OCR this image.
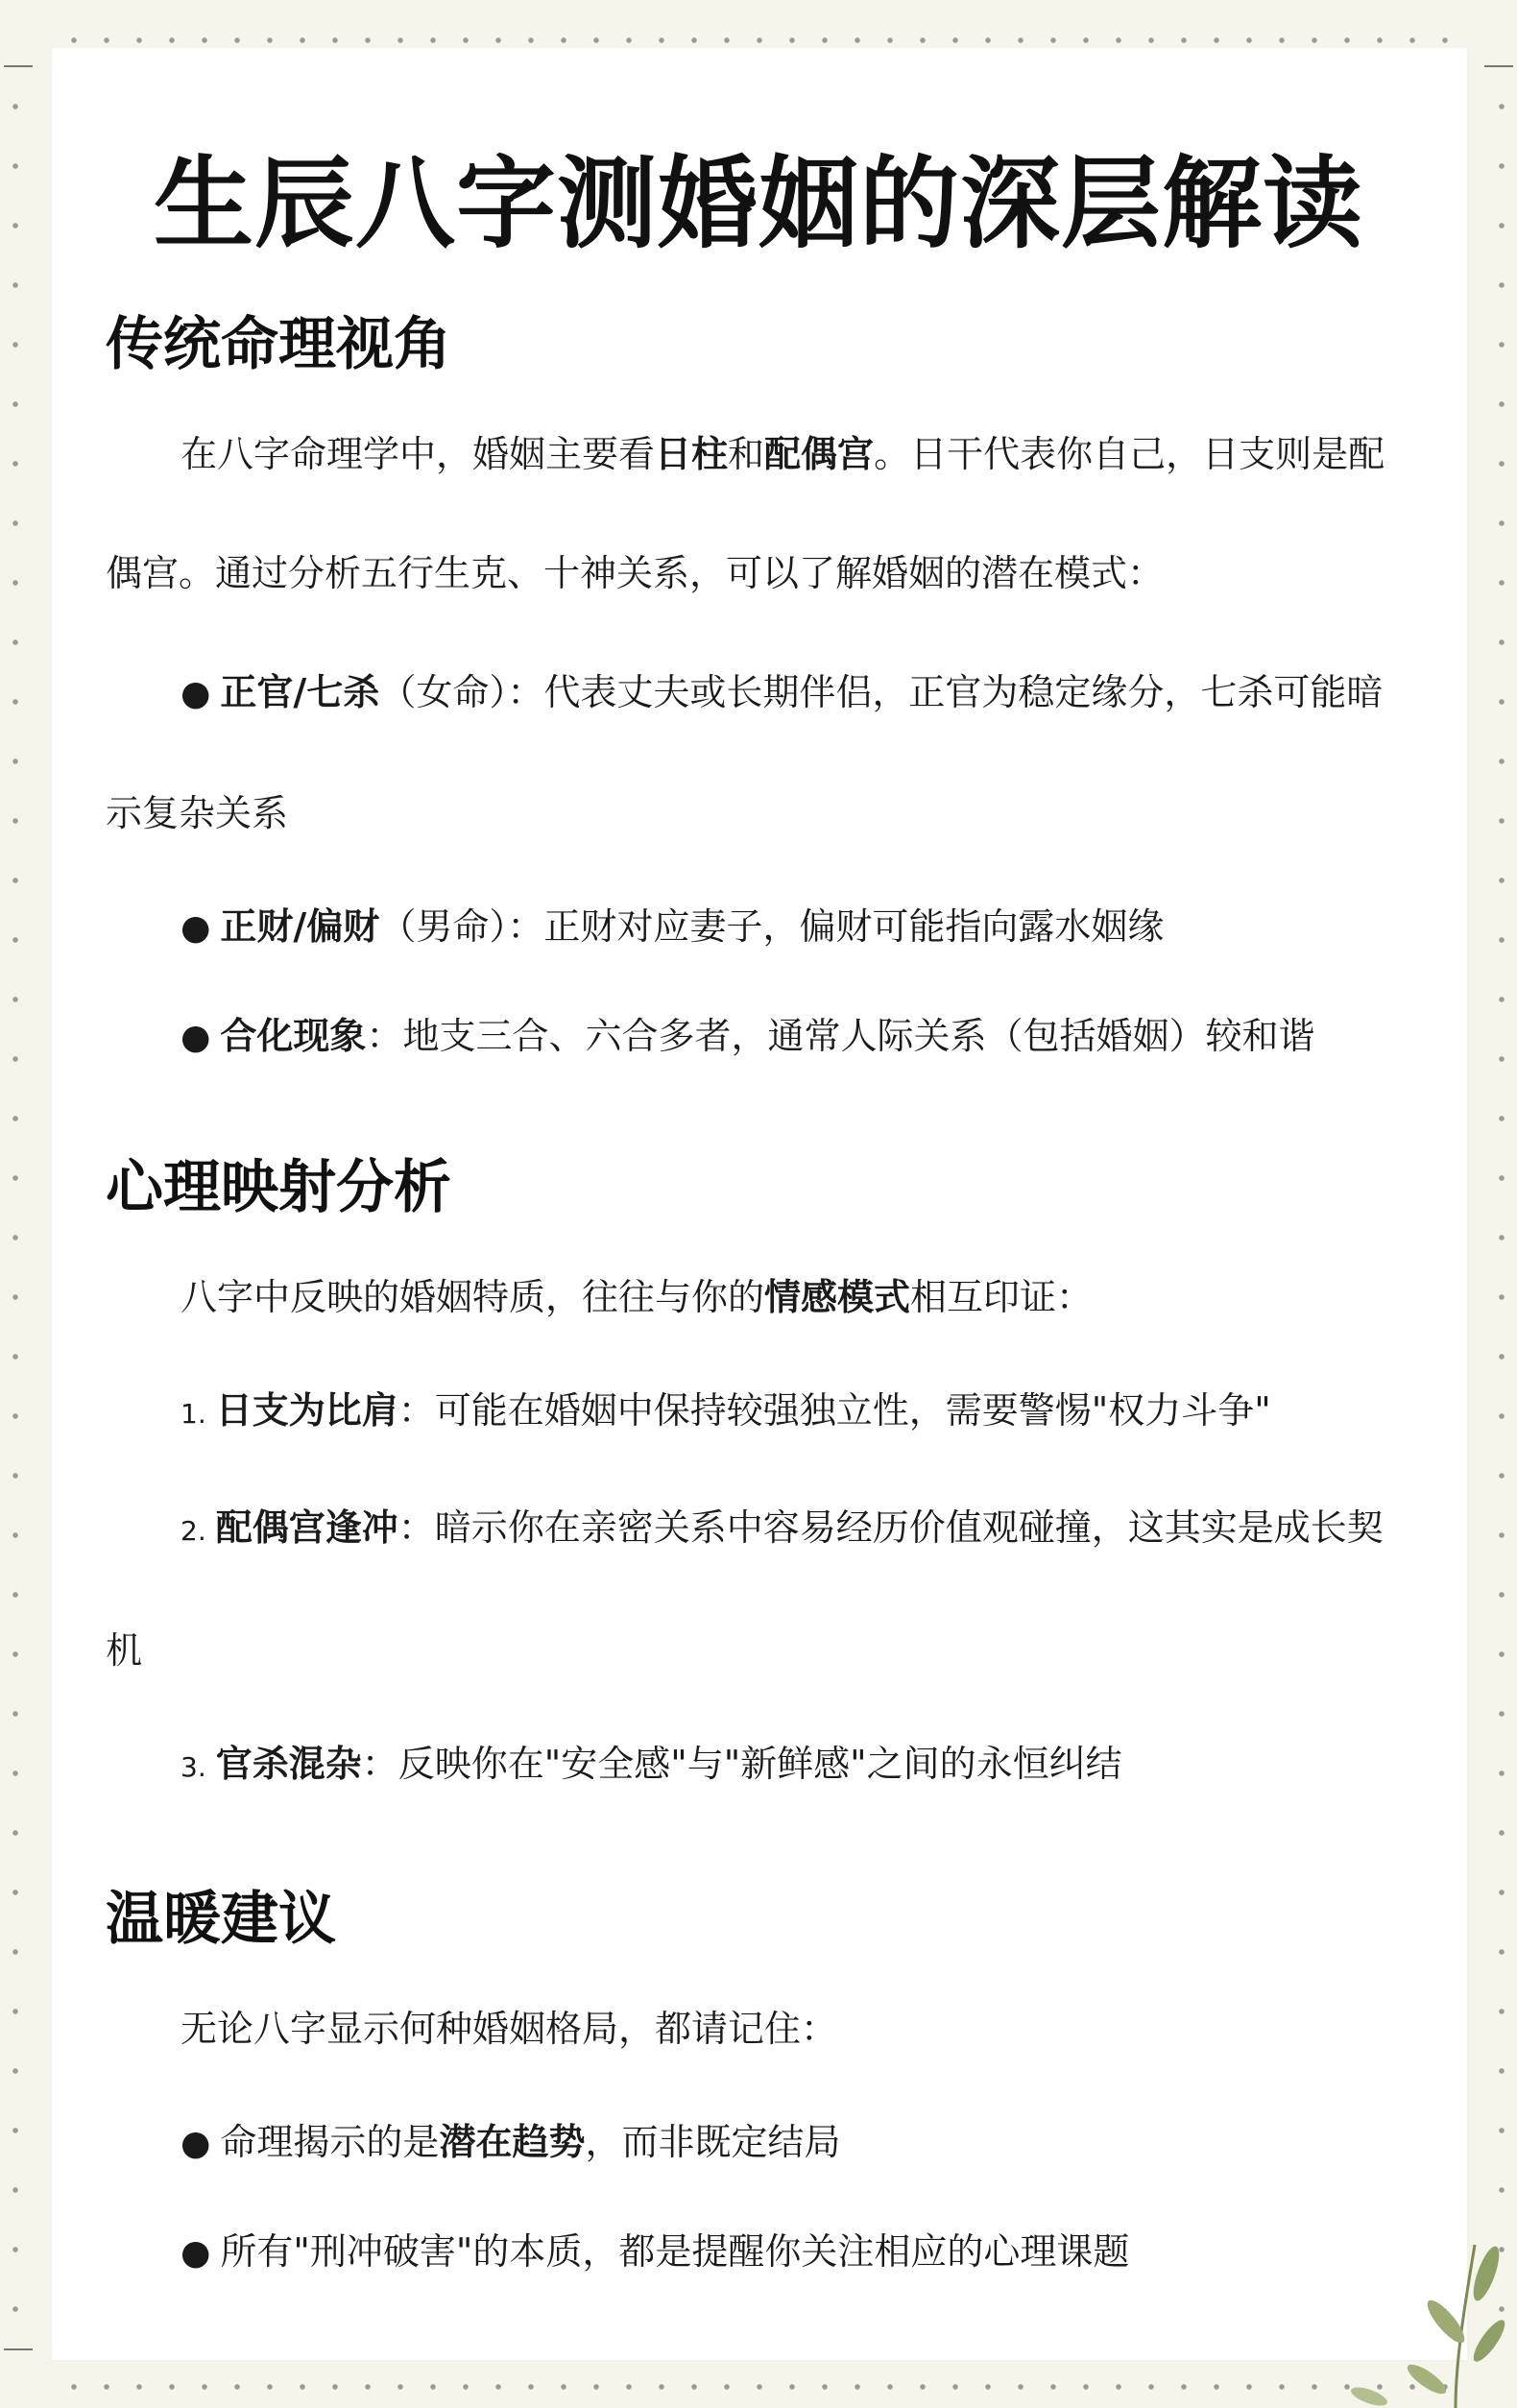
生辰八字测婚姻的深层解读
传统命理视角

在八字命理学中，婚姻主要看日柱和配偶宫。日干代表你自己，日支则是配偶宫。通过分析五行生克、十神关系，可以了解婚姻的潜在模式：

● 正官/七杀（女命）：代表丈夫或长期伴侣，正官为稳定缘分，七杀可能暗示复杂关系
● 正财/偏财（男命）：正财对应妻子，偏财可能指向露水姻缘
● 合化现象：地支三合、六合多者，通常人际关系（包括婚姻）较和谐
心理映射分析

八字中反映的婚姻特质，往往与你的情感模式相互印证：

1. 日支为比肩：可能在婚姻中保持较强独立性，需要警惕"权力斗争"
2. 配偶宫逢冲：暗示你在亲密关系中容易经历价值观碰撞，这其实是成长契机
3. 官杀混杂：反映你在"安全感"与"新鲜感"之间的永恒纠结
温暖建议

无论八字显示何种婚姻格局，都请记住：

● 命理揭示的是潜在趋势，而非既定结局
● 所有"刑冲破害"的本质，都是提醒你关注相应的心理课题
